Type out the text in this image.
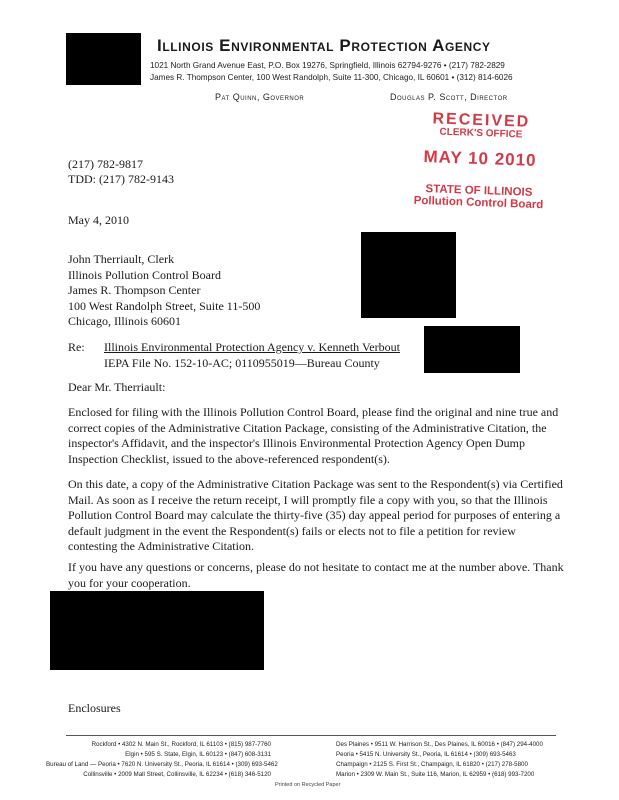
Illinois Environmental Protection Agency
1021 North Grand Avenue East, P.O. Box 19276, Springfield, Illinois 62794-9276 • (217) 782-2829
James R. Thompson Center, 100 West Randolph, Suite 11-300, Chicago, IL 60601 • (312) 814-6026
Pat Quinn, Governor	Douglas P. Scott, Director
RECEIVED
CLERK'S OFFICE
MAY 10 2010
STATE OF ILLINOIS
Pollution Control Board
(217) 782-9817
TDD: (217) 782-9143
May 4, 2010
John Therriault, Clerk
Illinois Pollution Control Board
James R. Thompson Center
100 West Randolph Street, Suite 11-500
Chicago, Illinois 60601
Re: Illinois Environmental Protection Agency v. Kenneth Verbout
IEPA File No. 152-10-AC; 0110955019—Bureau County
Dear Mr. Therriault:
Enclosed for filing with the Illinois Pollution Control Board, please find the original and nine true and correct copies of the Administrative Citation Package, consisting of the Administrative Citation, the inspector's Affidavit, and the inspector's Illinois Environmental Protection Agency Open Dump Inspection Checklist, issued to the above-referenced respondent(s).
On this date, a copy of the Administrative Citation Package was sent to the Respondent(s) via Certified Mail. As soon as I receive the return receipt, I will promptly file a copy with you, so that the Illinois Pollution Control Board may calculate the thirty-five (35) day appeal period for purposes of entering a default judgment in the event the Respondent(s) fails or elects not to file a petition for review contesting the Administrative Citation.
If you have any questions or concerns, please do not hesitate to contact me at the number above. Thank you for your cooperation.
Enclosures
Rockford • 4302 N. Main St., Rockford, IL 61103 • (815) 987-7760
Elgin • 595 S. State, Elgin, IL 60123 • (847) 608-3131
Bureau of Land — Peoria • 7620 N. University St., Peoria, IL 61614 • (309) 693-5462
Collinsville • 2009 Mall Street, Collinsville, IL 62234 • (618) 346-5120
Des Plaines • 9511 W. Harrison St., Des Plaines, IL 60016 • (847) 294-4000
Peoria • 5415 N. University St., Peoria, IL 61614 • (309) 693-5463
Champaign • 2125 S. First St., Champaign, IL 61820 • (217) 278-5800
Marion • 2309 W. Main St., Suite 116, Marion, IL 62959 • (618) 993-7200
Printed on Recycled Paper
